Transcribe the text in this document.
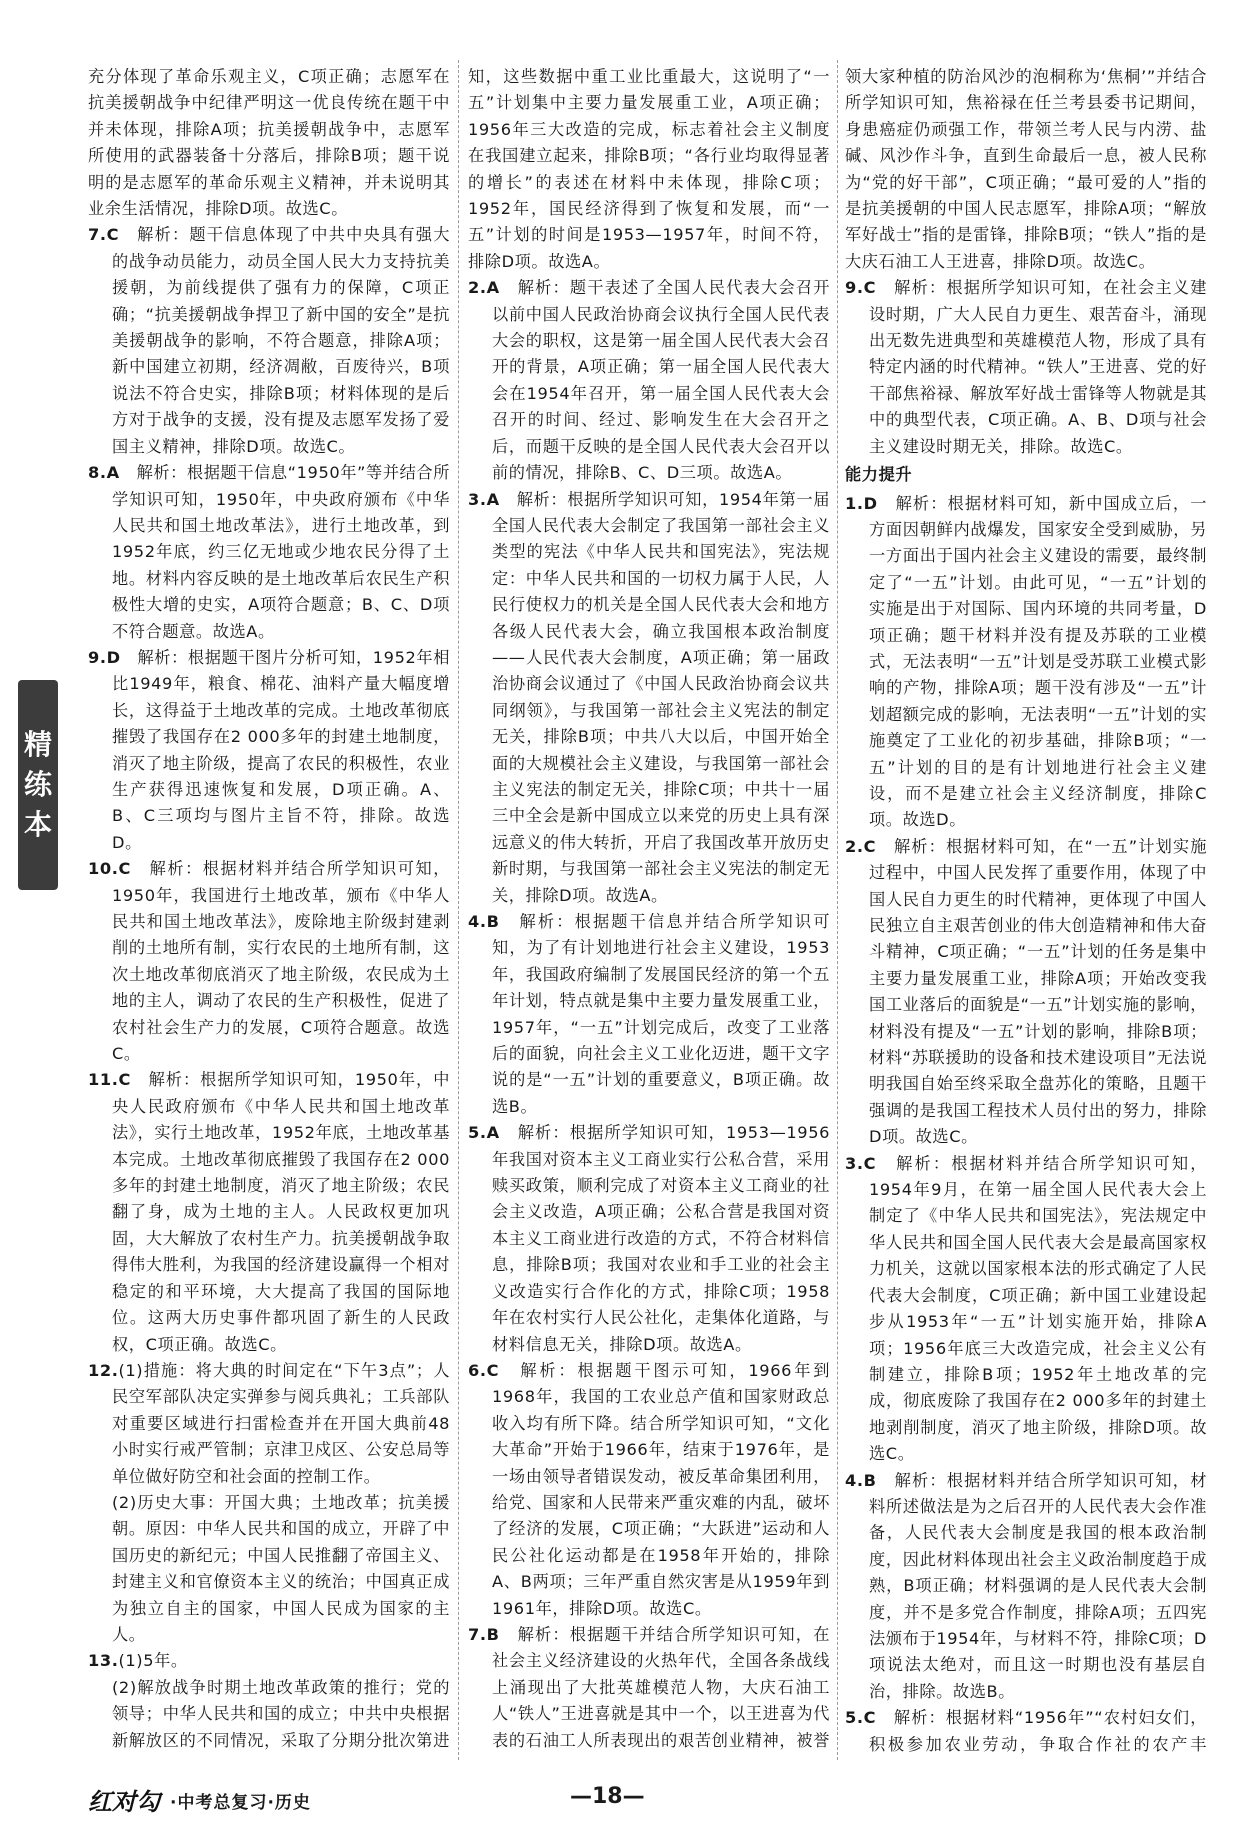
精
练
本

充分体现了革命乐观主义，C项正确；志愿军在抗美援朝战争中纪律严明这一优良传统在题干中并未体现，排除A项；抗美援朝战争中，志愿军所使用的武器装备十分落后，排除B项；题干说明的是志愿军的革命乐观主义精神，并未说明其业余生活情况，排除D项。故选C。

7.C　 解析：题干信息体现了中共中央具有强大的战争动员能力，动员全国人民大力支持抗美援朝，为前线提供了强有力的保障，C项正确；“抗美援朝战争捍卫了新中国的安全”是抗美援朝战争的影响，不符合题意，排除A项；新中国建立初期，经济凋敝，百废待兴，B项说法不符合史实，排除B项；材料体现的是后方对于战争的支援，没有提及志愿军发扬了爱国主义精神，排除D项。故选C。

8.A　 解析：根据题干信息“1950年”等并结合所学知识可知，1950年，中央政府颁布《中华人民共和国土地改革法》，进行土地改革，到1952年底，约三亿无地或少地农民分得了土地。材料内容反映的是土地改革后农民生产积极性大增的史实，A项符合题意；B、C、D项不符合题意。故选A。

9.D　 解析：根据题干图片分析可知，1952年相比1949年，粮食、棉花、油料产量大幅度增长，这得益于土地改革的完成。土地改革彻底摧毁了我国存在2 000多年的封建土地制度，消灭了地主阶级，提高了农民的积极性，农业生产获得迅速恢复和发展，D项正确。A、B、C三项均与图片主旨不符，排除。故选D。

10.C　 解析：根据材料并结合所学知识可知，1950年，我国进行土地改革，颁布《中华人民共和国土地改革法》，废除地主阶级封建剥削的土地所有制，实行农民的土地所有制，这次土地改革彻底消灭了地主阶级，农民成为土地的主人，调动了农民的生产积极性，促进了农村社会生产力的发展，C项符合题意。故选C。

11.C　 解析：根据所学知识可知，1950年，中央人民政府颁布《中华人民共和国土地改革法》，实行土地改革，1952年底，土地改革基本完成。土地改革彻底摧毁了我国存在2 000多年的封建土地制度，消灭了地主阶级；农民翻了身，成为土地的主人。人民政权更加巩固，大大解放了农村生产力。抗美援朝战争取得伟大胜利，为我国的经济建设赢得一个相对稳定的和平环境，大大提高了我国的国际地位。这两大历史事件都巩固了新生的人民政权，C项正确。故选C。

12.(1)措施：将大典的时间定在“下午3点”；人民空军部队决定实弹参与阅兵典礼；工兵部队对重要区域进行扫雷检查并在开国大典前48小时实行戒严管制；京津卫戍区、公安总局等单位做好防空和社会面的控制工作。

(2)历史大事：开国大典；土地改革；抗美援朝。原因：中华人民共和国的成立，开辟了中国历史的新纪元；中国人民推翻了帝国主义、封建主义和官僚资本主义的统治；中国真正成为独立自主的国家，中国人民成为国家的主人。

13.(1)5年。

(2)解放战争时期土地改革政策的推行；党的领导；中华人民共和国的成立；中共中央根据新解放区的不同情况，采取了分期分批次第进

知，这些数据中重工业比重最大，这说明了“一五”计划集中主要力量发展重工业，A项正确；1956年三大改造的完成，标志着社会主义制度在我国建立起来，排除B项；“各行业均取得显著的增长”的表述在材料中未体现，排除C项；1952年，国民经济得到了恢复和发展，而“一五”计划的时间是1953—1957年，时间不符，排除D项。故选A。

2.A　 解析：题干表述了全国人民代表大会召开以前中国人民政治协商会议执行全国人民代表大会的职权，这是第一届全国人民代表大会召开的背景，A项正确；第一届全国人民代表大会在1954年召开，第一届全国人民代表大会召开的时间、经过、影响发生在大会召开之后，而题干反映的是全国人民代表大会召开以前的情况，排除B、C、D三项。故选A。

3.A　 解析：根据所学知识可知，1954年第一届全国人民代表大会制定了我国第一部社会主义类型的宪法《中华人民共和国宪法》，宪法规定：中华人民共和国的一切权力属于人民，人民行使权力的机关是全国人民代表大会和地方各级人民代表大会，确立我国根本政治制度——人民代表大会制度，A项正确；第一届政治协商会议通过了《中国人民政治协商会议共同纲领》，与我国第一部社会主义宪法的制定无关，排除B项；中共八大以后，中国开始全面的大规模社会主义建设，与我国第一部社会主义宪法的制定无关，排除C项；中共十一届三中全会是新中国成立以来党的历史上具有深远意义的伟大转折，开启了我国改革开放历史新时期，与我国第一部社会主义宪法的制定无关，排除D项。故选A。

4.B　 解析：根据题干信息并结合所学知识可知，为了有计划地进行社会主义建设，1953年，我国政府编制了发展国民经济的第一个五年计划，特点就是集中主要力量发展重工业，1957年，“一五”计划完成后，改变了工业落后的面貌，向社会主义工业化迈进，题干文字说的是“一五”计划的重要意义，B项正确。故选B。

5.A　 解析：根据所学知识可知，1953—1956年我国对资本主义工商业实行公私合营，采用赎买政策，顺利完成了对资本主义工商业的社会主义改造，A项正确；公私合营是我国对资本主义工商业进行改造的方式，不符合材料信息，排除B项；我国对农业和手工业的社会主义改造实行合作化的方式，排除C项；1958年在农村实行人民公社化，走集体化道路，与材料信息无关，排除D项。故选A。

6.C　 解析：根据题干图示可知，1966年到1968年，我国的工农业总产值和国家财政总收入均有所下降。结合所学知识可知，“文化大革命”开始于1966年，结束于1976年，是一场由领导者错误发动，被反革命集团利用，给党、国家和人民带来严重灾难的内乱，破坏了经济的发展，C项正确；“大跃进”运动和人民公社化运动都是在1958年开始的，排除A、B两项；三年严重自然灾害是从1959年到1961年，排除D项。故选C。

7.B　 解析：根据题干并结合所学知识可知，在社会主义经济建设的火热年代，全国各条战线上涌现出了大批英雄模范人物，大庆石油工人“铁人”王进喜就是其中一个，以王进喜为代表的石油工人所表现出的艰苦创业精神，被誉

领大家种植的防治风沙的泡桐称为‘焦桐’”并结合所学知识可知，焦裕禄在任兰考县委书记期间，身患癌症仍顽强工作，带领兰考人民与内涝、盐碱、风沙作斗争，直到生命最后一息，被人民称为“党的好干部”，C项正确；“最可爱的人”指的是抗美援朝的中国人民志愿军，排除A项；“解放军好战士”指的是雷锋，排除B项；“铁人”指的是大庆石油工人王进喜，排除D项。故选C。

9.C　 解析：根据所学知识可知，在社会主义建设时期，广大人民自力更生、艰苦奋斗，涌现出无数先进典型和英雄模范人物，形成了具有特定内涵的时代精神。“铁人”王进喜、党的好干部焦裕禄、解放军好战士雷锋等人物就是其中的典型代表，C项正确。A、B、D项与社会主义建设时期无关，排除。故选C。

能力提升

1.D　 解析：根据材料可知，新中国成立后，一方面因朝鲜内战爆发，国家安全受到威胁，另一方面出于国内社会主义建设的需要，最终制定了“一五”计划。由此可见，“一五”计划的实施是出于对国际、国内环境的共同考量，D项正确；题干材料并没有提及苏联的工业模式，无法表明“一五”计划是受苏联工业模式影响的产物，排除A项；题干没有涉及“一五”计划超额完成的影响，无法表明“一五”计划的实施奠定了工业化的初步基础，排除B项；“一五”计划的目的是有计划地进行社会主义建设，而不是建立社会主义经济制度，排除C项。故选D。

2.C　 解析：根据材料可知，在“一五”计划实施过程中，中国人民发挥了重要作用，体现了中国人民自力更生的时代精神，更体现了中国人民独立自主艰苦创业的伟大创造精神和伟大奋斗精神，C项正确；“一五”计划的任务是集中主要力量发展重工业，排除A项；开始改变我国工业落后的面貌是“一五”计划实施的影响，材料没有提及“一五”计划的影响，排除B项；材料“苏联援助的设备和技术建设项目”无法说明我国自始至终采取全盘苏化的策略，且题干强调的是我国工程技术人员付出的努力，排除D项。故选C。

3.C　 解析：根据材料并结合所学知识可知，1954年9月，在第一届全国人民代表大会上制定了《中华人民共和国宪法》，宪法规定中华人民共和国全国人民代表大会是最高国家权力机关，这就以国家根本法的形式确定了人民代表大会制度，C项正确；新中国工业建设起步从1953年“一五”计划实施开始，排除A项；1956年底三大改造完成，社会主义公有制建立，排除B项；1952年土地改革的完成，彻底废除了我国存在2 000多年的封建土地剥削制度，消灭了地主阶级，排除D项。故选C。

4.B　 解析：根据材料并结合所学知识可知，材料所述做法是为之后召开的人民代表大会作准备，人民代表大会制度是我国的根本政治制度，因此材料体现出社会主义政治制度趋于成熟，B项正确；材料强调的是人民代表大会制度，并不是多党合作制度，排除A项；五四宪法颁布于1954年，与材料不符，排除C项；D项说法太绝对，而且这一时期也没有基层自治，排除。故选B。

5.C　 解析：根据材料“1956年”“农村妇女们，积极参加农业劳动，争取合作社的农产丰

红对勾 ·中考总复习·历史	—18—
